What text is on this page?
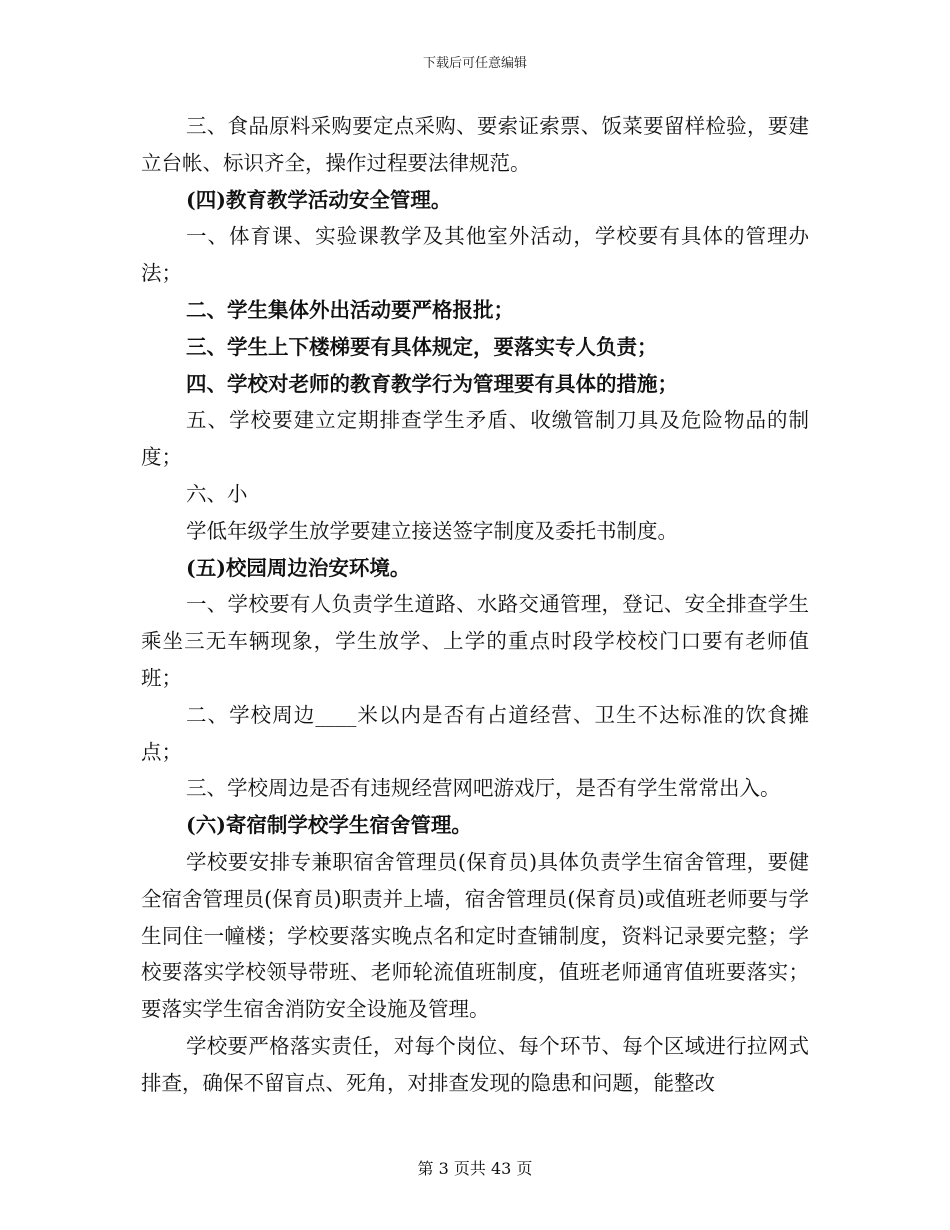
下载后可任意编辑

三、食品原料采购要定点采购、要索证索票、饭菜要留样检验，要建立台帐、标识齐全，操作过程要法律规范。

(四)教育教学活动安全管理。

一、体育课、实验课教学及其他室外活动，学校要有具体的管理办法；

二、学生集体外出活动要严格报批；

三、学生上下楼梯要有具体规定，要落实专人负责；

四、学校对老师的教育教学行为管理要有具体的措施；

五、学校要建立定期排查学生矛盾、收缴管制刀具及危险物品的制度；

六、小

学低年级学生放学要建立接送签字制度及委托书制度。

(五)校园周边治安环境。

一、学校要有人负责学生道路、水路交通管理，登记、安全排查学生乘坐三无车辆现象，学生放学、上学的重点时段学校校门口要有老师值班；

二、学校周边____米以内是否有占道经营、卫生不达标准的饮食摊点；

三、学校周边是否有违规经营网吧游戏厅，是否有学生常常出入。

(六)寄宿制学校学生宿舍管理。

学校要安排专兼职宿舍管理员(保育员)具体负责学生宿舍管理，要健全宿舍管理员(保育员)职责并上墙，宿舍管理员(保育员)或值班老师要与学生同住一幢楼；学校要落实晚点名和定时查铺制度，资料记录要完整；学校要落实学校领导带班、老师轮流值班制度，值班老师通宵值班要落实；要落实学生宿舍消防安全设施及管理。

学校要严格落实责任，对每个岗位、每个环节、每个区域进行拉网式排查，确保不留盲点、死角，对排查发现的隐患和问题，能整改

第 3 页共 43 页
